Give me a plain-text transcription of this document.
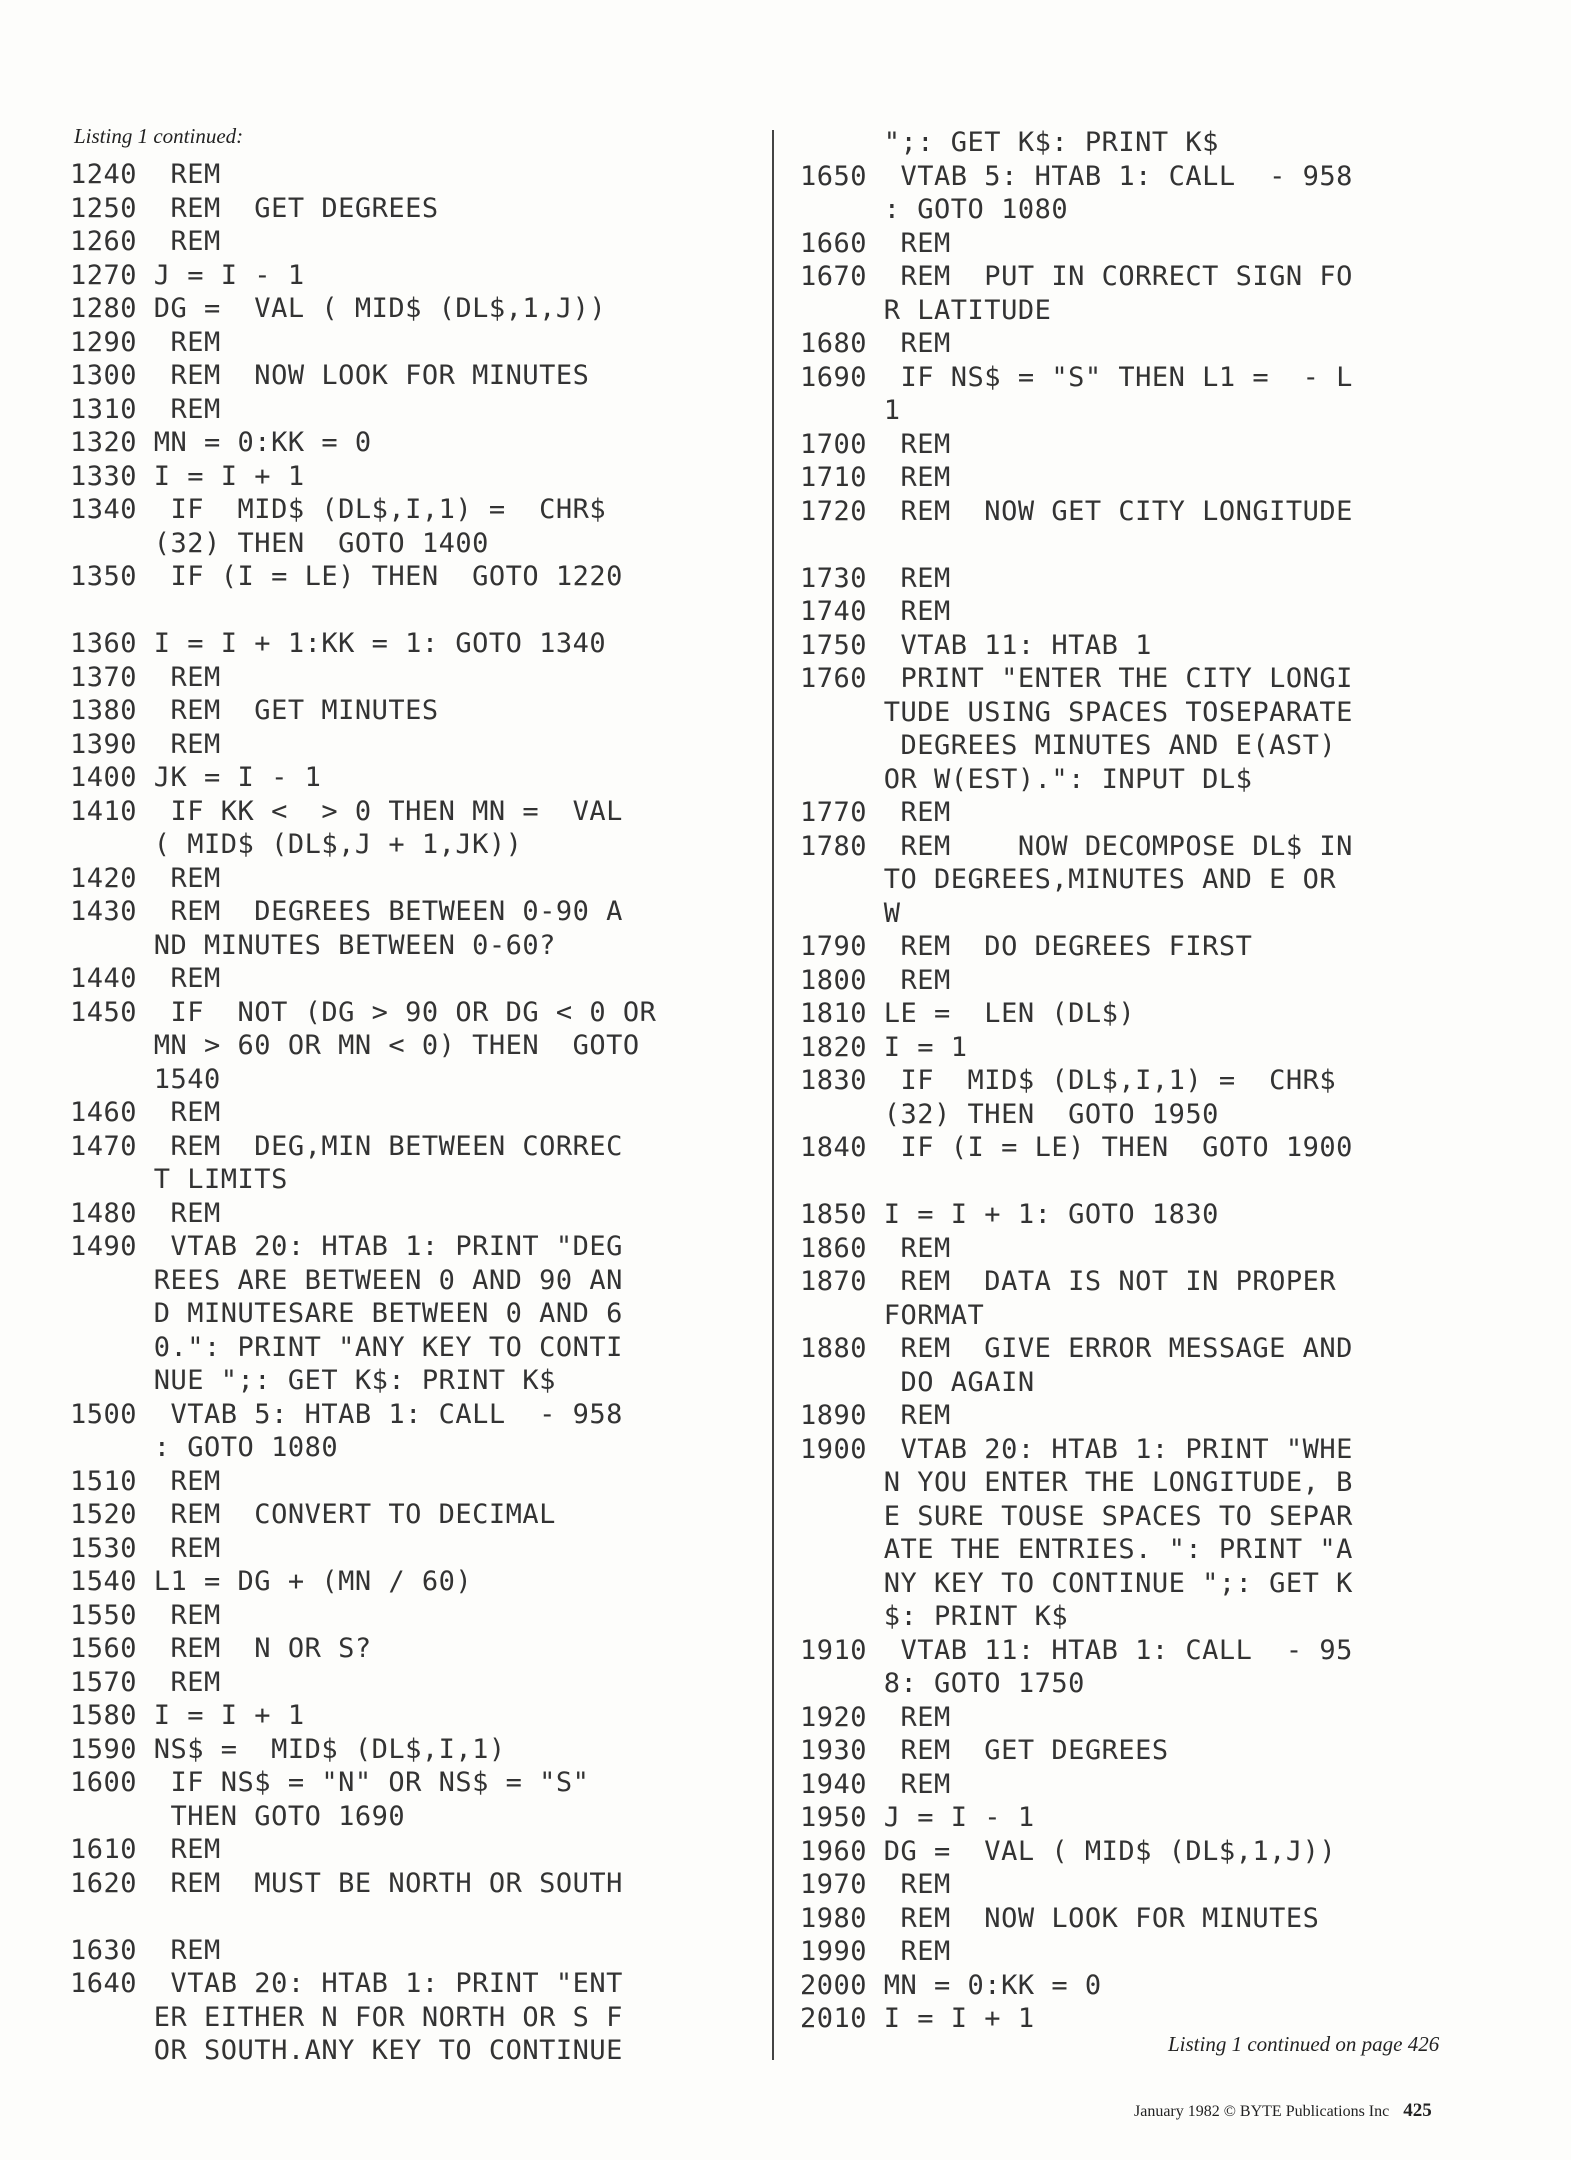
Listing 1 continued:
1240  REM
1250  REM  GET DEGREES
1260  REM
1270 J = I - 1
1280 DG =  VAL ( MID$ (DL$,1,J))
1290  REM
1300  REM  NOW LOOK FOR MINUTES
1310  REM
1320 MN = 0:KK = 0
1330 I = I + 1
1340  IF  MID$ (DL$,I,1) =  CHR$
(32) THEN  GOTO 1400
1350  IF (I = LE) THEN  GOTO 1220
1360 I = I + 1:KK = 1: GOTO 1340
1370  REM
1380  REM  GET MINUTES
1390  REM
1400 JK = I - 1
1410  IF KK <  > 0 THEN MN =  VAL
( MID$ (DL$,J + 1,JK))
1420  REM
1430  REM  DEGREES BETWEEN 0-90 A
ND MINUTES BETWEEN 0-60?
1440  REM
1450  IF  NOT (DG > 90 OR DG < 0 OR
MN > 60 OR MN < 0) THEN  GOTO
1540
1460  REM
1470  REM  DEG,MIN BETWEEN CORREC
T LIMITS
1480  REM
1490  VTAB 20: HTAB 1: PRINT "DEG
REES ARE BETWEEN 0 AND 90 AN
D MINUTESARE BETWEEN 0 AND 6
0.": PRINT "ANY KEY TO CONTI
NUE ";: GET K$: PRINT K$
1500  VTAB 5: HTAB 1: CALL  - 958
: GOTO 1080
1510  REM
1520  REM  CONVERT TO DECIMAL
1530  REM
1540 L1 = DG + (MN / 60)
1550  REM
1560  REM  N OR S?
1570  REM
1580 I = I + 1
1590 NS$ =  MID$ (DL$,I,1)
1600  IF NS$ = "N" OR NS$ = "S"
THEN GOTO 1690
1610  REM
1620  REM  MUST BE NORTH OR SOUTH
1630  REM
1640  VTAB 20: HTAB 1: PRINT "ENT
ER EITHER N FOR NORTH OR S F
OR SOUTH.ANY KEY TO CONTINUE
";: GET K$: PRINT K$
1650  VTAB 5: HTAB 1: CALL  - 958
: GOTO 1080
1660  REM
1670  REM  PUT IN CORRECT SIGN FO
R LATITUDE
1680  REM
1690  IF NS$ = "S" THEN L1 =  - L
1
1700  REM
1710  REM
1720  REM  NOW GET CITY LONGITUDE
1730  REM
1740  REM
1750  VTAB 11: HTAB 1
1760  PRINT "ENTER THE CITY LONGI
TUDE USING SPACES TOSEPARATE
DEGREES MINUTES AND E(AST)
OR W(EST).": INPUT DL$
1770  REM
1780  REM    NOW DECOMPOSE DL$ IN
TO DEGREES,MINUTES AND E OR
W
1790  REM  DO DEGREES FIRST
1800  REM
1810 LE =  LEN (DL$)
1820 I = 1
1830  IF  MID$ (DL$,I,1) =  CHR$
(32) THEN  GOTO 1950
1840  IF (I = LE) THEN  GOTO 1900
1850 I = I + 1: GOTO 1830
1860  REM
1870  REM  DATA IS NOT IN PROPER
FORMAT
1880  REM  GIVE ERROR MESSAGE AND
DO AGAIN
1890  REM
1900  VTAB 20: HTAB 1: PRINT "WHE
N YOU ENTER THE LONGITUDE, B
E SURE TOUSE SPACES TO SEPAR
ATE THE ENTRIES. ": PRINT "A
NY KEY TO CONTINUE ";: GET K
$: PRINT K$
1910  VTAB 11: HTAB 1: CALL  - 95
8: GOTO 1750
1920  REM
1930  REM  GET DEGREES
1940  REM
1950 J = I - 1
1960 DG =  VAL ( MID$ (DL$,1,J))
1970  REM
1980  REM  NOW LOOK FOR MINUTES
1990  REM
2000 MN = 0:KK = 0
2010 I = I + 1
Listing 1 continued on page 426
January 1982 © BYTE Publications Inc 425
